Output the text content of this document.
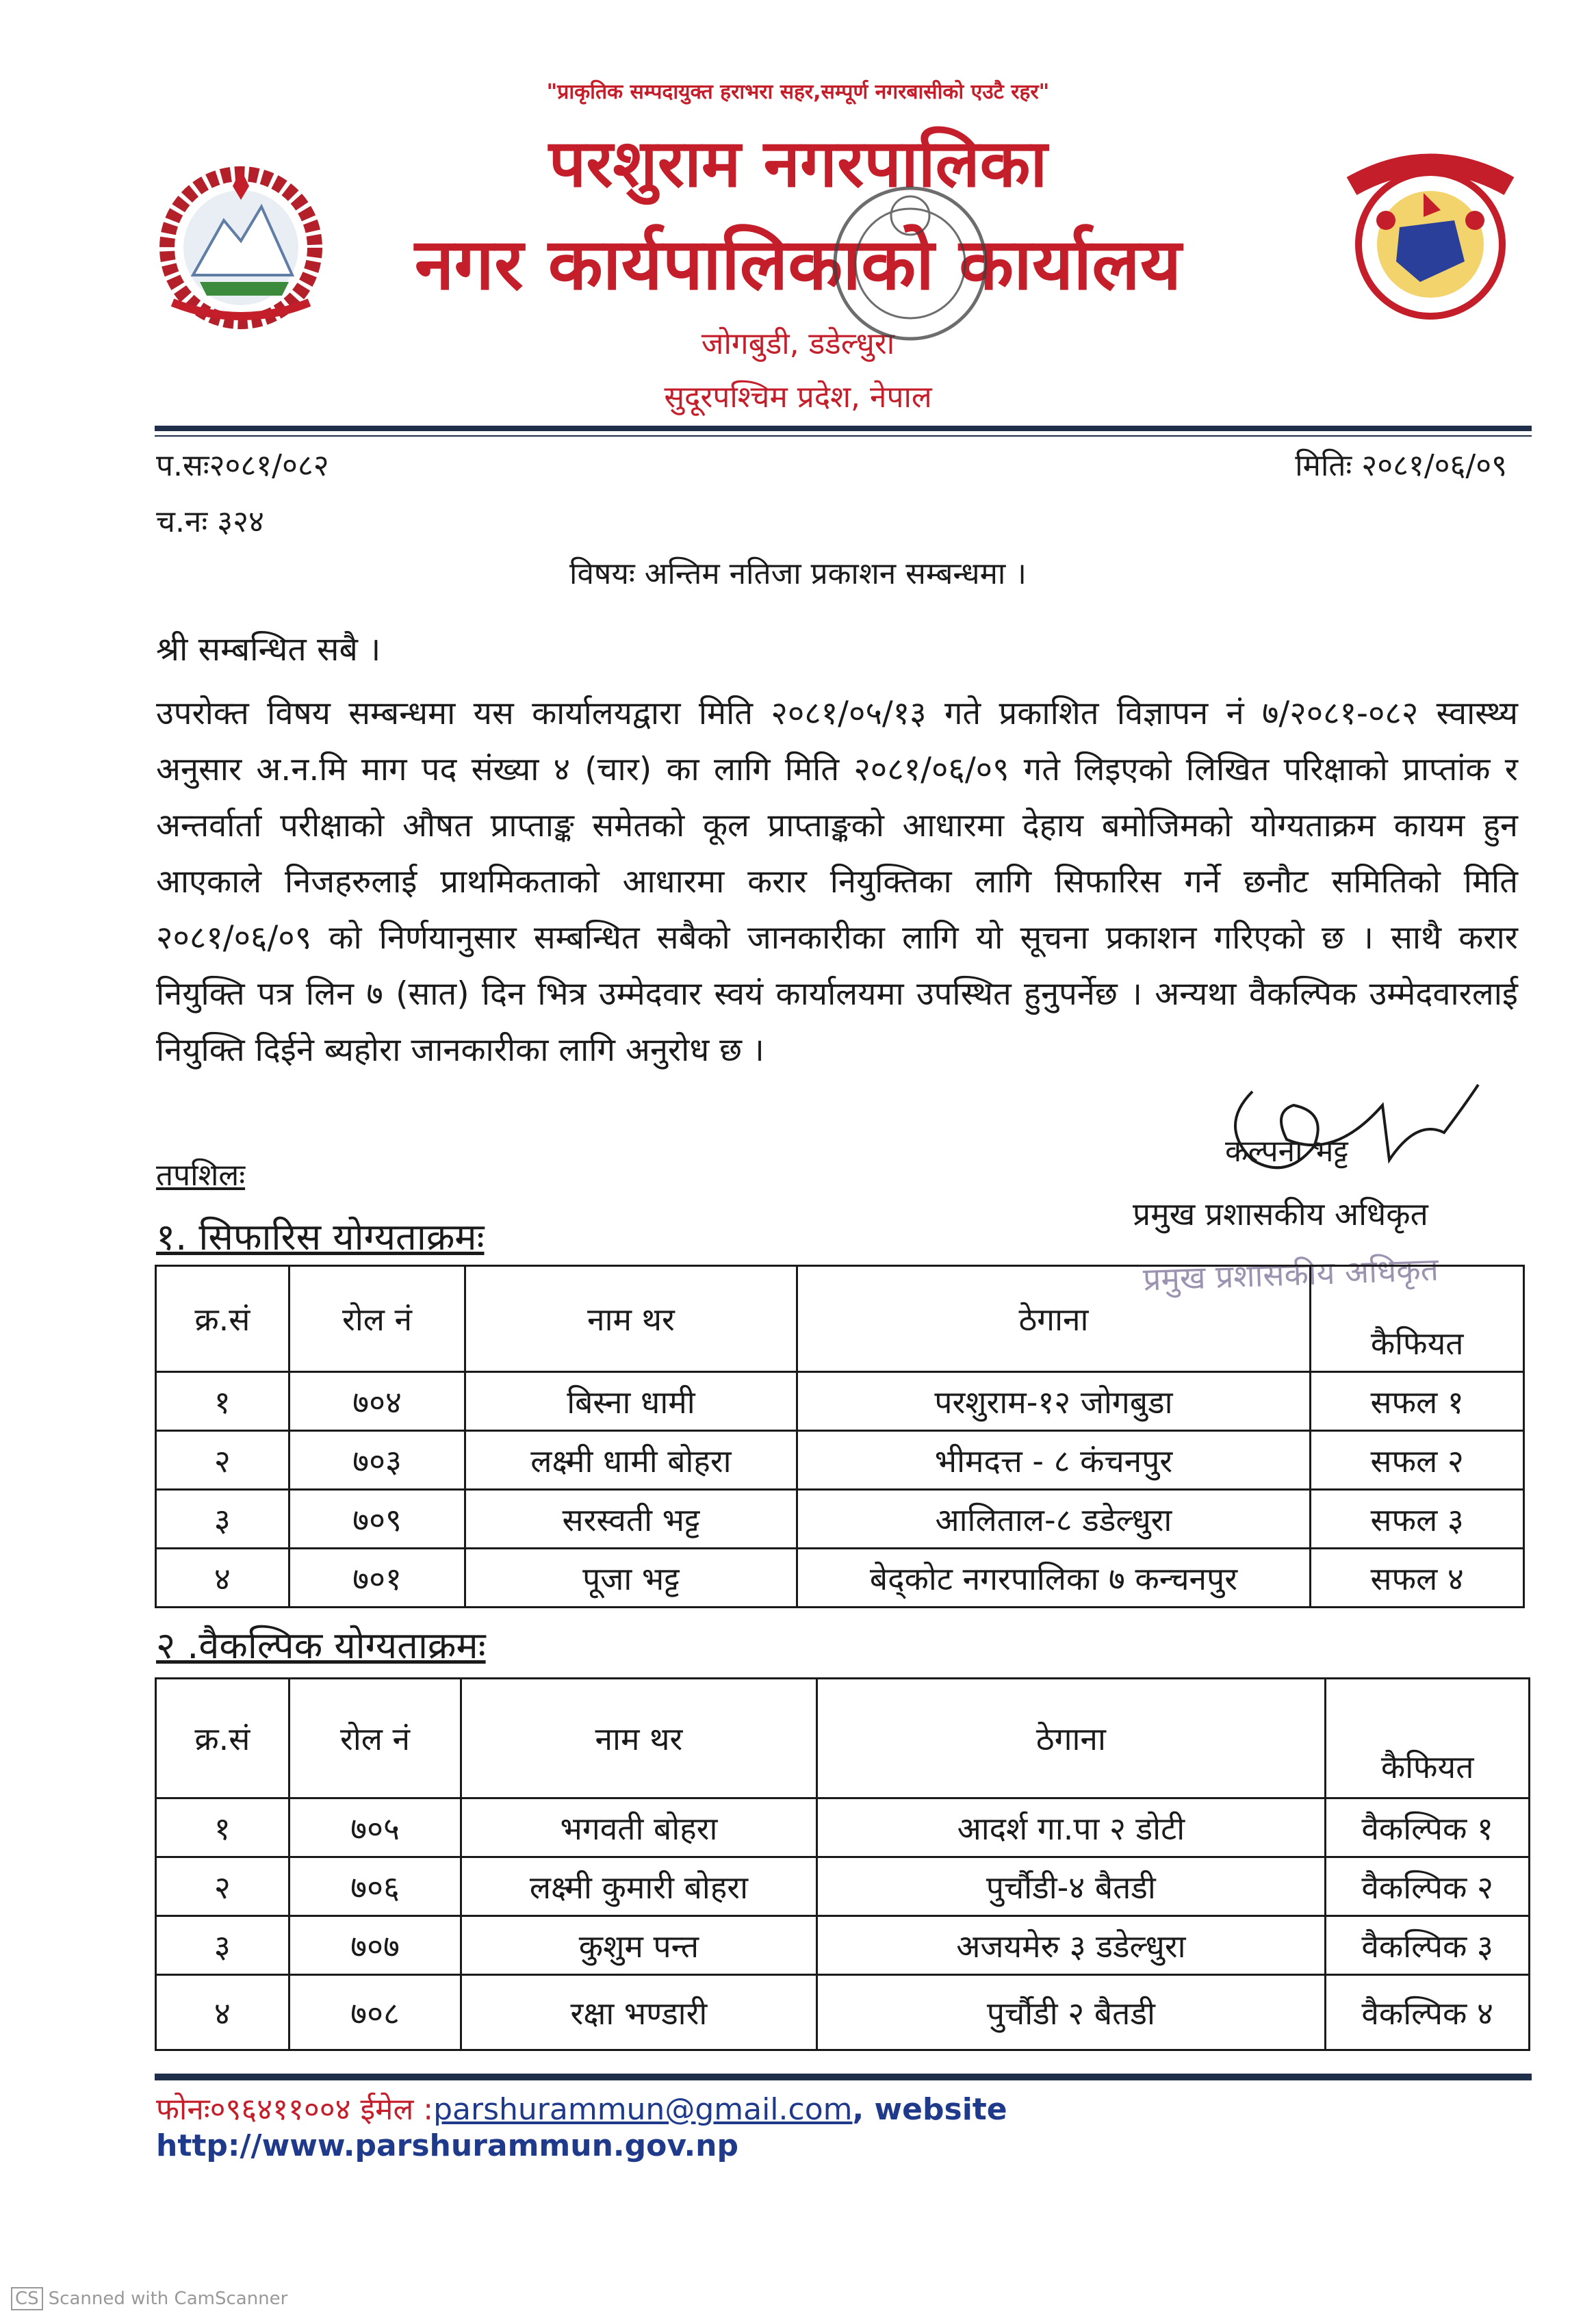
"प्राकृतिक सम्पदायुक्त हराभरा सहर,सम्पूर्ण नगरबासीको एउटै रहर"
परशुराम नगरपालिका
नगर कार्यपालिकाको कार्यालय
जोगबुडी, डडेल्धुरा
सुदूरपश्चिम प्रदेश, नेपाल
प.सः२०८१/०८२	मितिः २०८१/०६/०९
च.नः ३२४
विषयः अन्तिम नतिजा प्रकाशन सम्बन्धमा ।
श्री सम्बन्धित सबै ।
उपरोक्त विषय सम्बन्धमा यस कार्यालयद्वारा मिति २०८१/०५/१३ गते प्रकाशित विज्ञापन नं ७/२०८१-०८२ स्वास्थ्य अनुसार अ.न.मि माग पद संख्या ४ (चार) का लागि मिति २०८१/०६/०९ गते लिइएको लिखित परिक्षाको प्राप्तांक र अन्तर्वार्ता परीक्षाको औषत प्राप्ताङ्क समेतको कूल प्राप्ताङ्कको आधारमा देहाय बमोजिमको योग्यताक्रम कायम हुन आएकाले निजहरुलाई प्राथमिकताको आधारमा करार नियुक्तिका लागि सिफारिस गर्ने छनौट समितिको मिति २०८१/०६/०९ को निर्णयानुसार सम्बन्धित सबैको जानकारीका लागि यो सूचना प्रकाशन गरिएको छ । साथै करार नियुक्ति पत्र लिन ७ (सात) दिन भित्र उम्मेदवार स्वयं कार्यालयमा उपस्थित हुनुपर्नेछ । अन्यथा वैकल्पिक उम्मेदवारलाई नियुक्ति दिईने ब्यहोरा जानकारीका लागि अनुरोध छ ।
कल्पना भट्ट
तपशिलः
प्रमुख प्रशासकीय अधिकृत
१. सिफारिस योग्यताक्रमः
प्रमुख प्रशासकीय अधिकृत
क्र.सं	रोल नं	नाम थर	ठेगाना	कैफियत
१	७०४	बिस्ना धामी	परशुराम-१२ जोगबुडा	सफल १
२	७०३	लक्ष्मी धामी बोहरा	भीमदत्त - ८ कंचनपुर	सफल २
३	७०९	सरस्वती भट्ट	आलिताल-८ डडेल्धुरा	सफल ३
४	७०१	पूजा भट्ट	बेद्कोट नगरपालिका ७ कन्चनपुर	सफल ४
२ .वैकल्पिक योग्यताक्रमः
क्र.सं	रोल नं	नाम थर	ठेगाना	कैफियत
१	७०५	भगवती बोहरा	आदर्श गा.पा २ डोटी	वैकल्पिक १
२	७०६	लक्ष्मी कुमारी बोहरा	पुर्चौडी-४ बैतडी	वैकल्पिक २
३	७०७	कुशुम पन्त	अजयमेरु ३ डडेल्धुरा	वैकल्पिक ३
४	७०८	रक्षा भण्डारी	पुर्चौडी २ बैतडी	वैकल्पिक ४
फोनः०९६४११००४ ईमेल :parshurammun@gmail.com, website http://www.parshurammun.gov.np
CS Scanned with CamScanner
